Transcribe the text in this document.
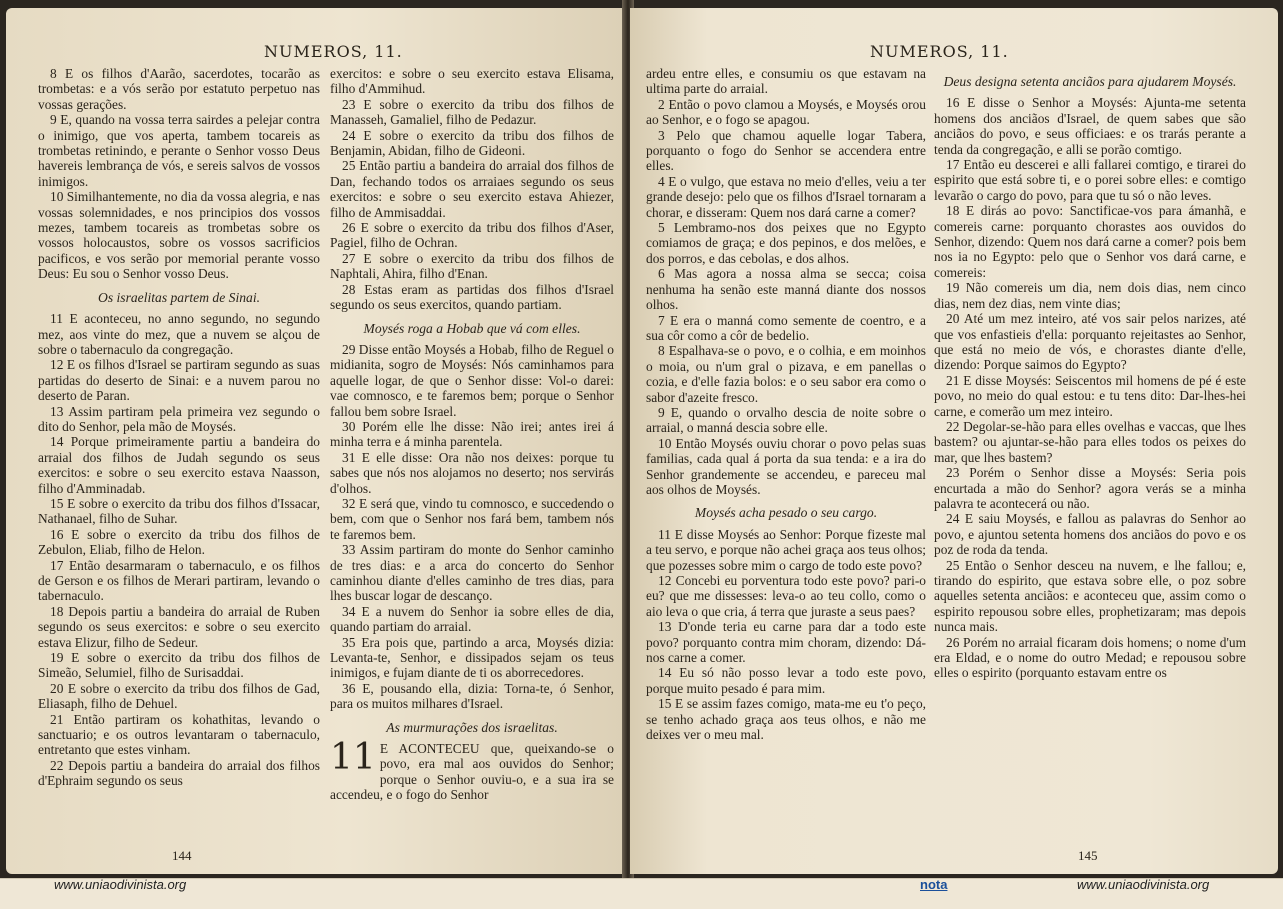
NUMEROS, 11.

8 E os filhos d'Aarão, sacerdotes, tocarão as trombetas: e a vós serão por estatuto perpetuo nas vossas gerações.

9 E, quando na vossa terra sairdes a pelejar contra o inimigo, que vos aperta, tambem tocareis as trombetas retinindo, e perante o Senhor vosso Deus havereis lembrança de vós, e sereis salvos de vossos inimigos.

10 Similhantemente, no dia da vossa alegria, e nas vossas solemnidades, e nos principios dos vossos mezes, tambem tocareis as trombetas sobre os vossos holocaustos, sobre os vossos sacrificios pacificos, e vos serão por memorial perante vosso Deus: Eu sou o Senhor vosso Deus.

Os israelitas partem de Sinai.

11 E aconteceu, no anno segundo, no segundo mez, aos vinte do mez, que a nuvem se alçou de sobre o tabernaculo da congregação.

12 E os filhos d'Israel se partiram segundo as suas partidas do deserto de Sinai: e a nuvem parou no deserto de Paran.

13 Assim partiram pela primeira vez segundo o dito do Senhor, pela mão de Moysés.

14 Porque primeiramente partiu a bandeira do arraial dos filhos de Judah segundo os seus exercitos: e sobre o seu exercito estava Naasson, filho d'Amminadab.

15 E sobre o exercito da tribu dos filhos d'Issacar, Nathanael, filho de Suhar.

16 E sobre o exercito da tribu dos filhos de Zebulon, Eliab, filho de Helon.

17 Então desarmaram o tabernaculo, e os filhos de Gerson e os filhos de Merari partiram, levando o tabernaculo.

18 Depois partiu a bandeira do arraial de Ruben segundo os seus exercitos: e sobre o seu exercito estava Elizur, filho de Sedeur.

19 E sobre o exercito da tribu dos filhos de Simeão, Selumiel, filho de Surisaddai.

20 E sobre o exercito da tribu dos filhos de Gad, Eliasaph, filho de Dehuel.

21 Então partiram os kohathitas, levando o sanctuario; e os outros levantaram o tabernaculo, entretanto que estes vinham.

22 Depois partiu a bandeira do arraial dos filhos d'Ephraim segundo os seus

exercitos: e sobre o seu exercito estava Elisama, filho d'Ammihud.

23 E sobre o exercito da tribu dos filhos de Manasseh, Gamaliel, filho de Pedazur.

24 E sobre o exercito da tribu dos filhos de Benjamin, Abidan, filho de Gideoni.

25 Então partiu a bandeira do arraial dos filhos de Dan, fechando todos os arraiaes segundo os seus exercitos: e sobre o seu exercito estava Ahiezer, filho de Ammisaddai.

26 E sobre o exercito da tribu dos filhos d'Aser, Pagiel, filho de Ochran.

27 E sobre o exercito da tribu dos filhos de Naphtali, Ahira, filho d'Enan.

28 Estas eram as partidas dos filhos d'Israel segundo os seus exercitos, quando partiam.

Moysés roga a Hobab que vá com elles.

29 Disse então Moysés a Hobab, filho de Reguel o midianita, sogro de Moysés: Nós caminhamos para aquelle logar, de que o Senhor disse: Vol-o darei: vae comnosco, e te faremos bem; porque o Senhor fallou bem sobre Israel.

30 Porém elle lhe disse: Não irei; antes irei á minha terra e á minha parentela.

31 E elle disse: Ora não nos deixes: porque tu sabes que nós nos alojamos no deserto; nos servirás d'olhos.

32 E será que, vindo tu comnosco, e succedendo o bem, com que o Senhor nos fará bem, tambem nós te faremos bem.

33 Assim partiram do monte do Senhor caminho de tres dias: e a arca do concerto do Senhor caminhou diante d'elles caminho de tres dias, para lhes buscar logar de descanço.

34 E a nuvem do Senhor ia sobre elles de dia, quando partiam do arraial.

35 Era pois que, partindo a arca, Moysés dizia: Levanta-te, Senhor, e dissipados sejam os teus inimigos, e fujam diante de ti os aborrecedores.

36 E, pousando ella, dizia: Torna-te, ó Senhor, para os muitos milhares d'Israel.

As murmurações dos israelitas.

11 E ACONTECEU que, queixando-se o povo, era mal aos ouvidos do Senhor; porque o Senhor ouviu-o, e a sua ira se accendeu, e o fogo do Senhor

144
NUMEROS, 11.

ardeu entre elles, e consumiu os que estavam na ultima parte do arraial.

2 Então o povo clamou a Moysés, e Moysés orou ao Senhor, e o fogo se apagou.

3 Pelo que chamou aquelle logar Tabera, porquanto o fogo do Senhor se accendera entre elles.

4 E o vulgo, que estava no meio d'elles, veiu a ter grande desejo: pelo que os filhos d'Israel tornaram a chorar, e disseram: Quem nos dará carne a comer?

5 Lembramo-nos dos peixes que no Egypto comiamos de graça; e dos pepinos, e dos melões, e dos porros, e das cebolas, e dos alhos.

6 Mas agora a nossa alma se secca; coisa nenhuma ha senão este manná diante dos nossos olhos.

7 E era o manná como semente de coentro, e a sua côr como a côr de bedelio.

8 Espalhava-se o povo, e o colhia, e em moinhos o moia, ou n'um gral o pizava, e em panellas o cozia, e d'elle fazia bolos: e o seu sabor era como o sabor d'azeite fresco.

9 E, quando o orvalho descia de noite sobre o arraial, o manná descia sobre elle.

10 Então Moysés ouviu chorar o povo pelas suas familias, cada qual á porta da sua tenda: e a ira do Senhor grandemente se accendeu, e pareceu mal aos olhos de Moysés.

Moysés acha pesado o seu cargo.

11 E disse Moysés ao Senhor: Porque fizeste mal a teu servo, e porque não achei graça aos teus olhos; que pozesses sobre mim o cargo de todo este povo?

12 Concebi eu porventura todo este povo? pari-o eu? que me dissesses: leva-o ao teu collo, como o aio leva o que cria, á terra que juraste a seus paes?

13 D'onde teria eu carne para dar a todo este povo? porquanto contra mim choram, dizendo: Dá-nos carne a comer.

14 Eu só não posso levar a todo este povo, porque muito pesado é para mim.

15 E se assim fazes comigo, mata-me eu t'o peço, se tenho achado graça aos teus olhos, e não me deixes ver o meu mal.

Deus designa setenta anciãos para ajudarem Moysés.

16 E disse o Senhor a Moysés: Ajunta-me setenta homens dos anciãos d'Israel, de quem sabes que são anciãos do povo, e seus officiaes: e os trarás perante a tenda da congregação, e alli se porão comtigo.

17 Então eu descerei e alli fallarei comtigo, e tirarei do espirito que está sobre ti, e o porei sobre elles: e comtigo levarão o cargo do povo, para que tu só o não leves.

18 E dirás ao povo: Sanctificae-vos para ámanhã, e comereis carne: porquanto chorastes aos ouvidos do Senhor, dizendo: Quem nos dará carne a comer? pois bem nos ia no Egypto: pelo que o Senhor vos dará carne, e comereis:

19 Não comereis um dia, nem dois dias, nem cinco dias, nem dez dias, nem vinte dias;

20 Até um mez inteiro, até vos sair pelos narizes, até que vos enfastieis d'ella: porquanto rejeitastes ao Senhor, que está no meio de vós, e chorastes diante d'elle, dizendo: Porque saimos do Egypto?

21 E disse Moysés: Seiscentos mil homens de pé é este povo, no meio do qual estou: e tu tens dito: Dar-lhes-hei carne, e comerão um mez inteiro.

22 Degolar-se-hão para elles ovelhas e vaccas, que lhes bastem? ou ajuntar-se-hão para elles todos os peixes do mar, que lhes bastem?

23 Porém o Senhor disse a Moysés: Seria pois encurtada a mão do Senhor? agora verás se a minha palavra te acontecerá ou não.

24 E saiu Moysés, e fallou as palavras do Senhor ao povo, e ajuntou setenta homens dos anciãos do povo e os poz de roda da tenda.

25 Então o Senhor desceu na nuvem, e lhe fallou; e, tirando do espirito, que estava sobre elle, o poz sobre aquelles setenta anciãos: e aconteceu que, assim como o espirito repousou sobre elles, prophetizaram; mas depois nunca mais.

26 Porém no arraial ficaram dois homens; o nome d'um era Eldad, e o nome do outro Medad; e repousou sobre elles o espirito (porquanto estavam entre os

145
www.uniaodivinista.org	nota	www.uniaodivinista.org
